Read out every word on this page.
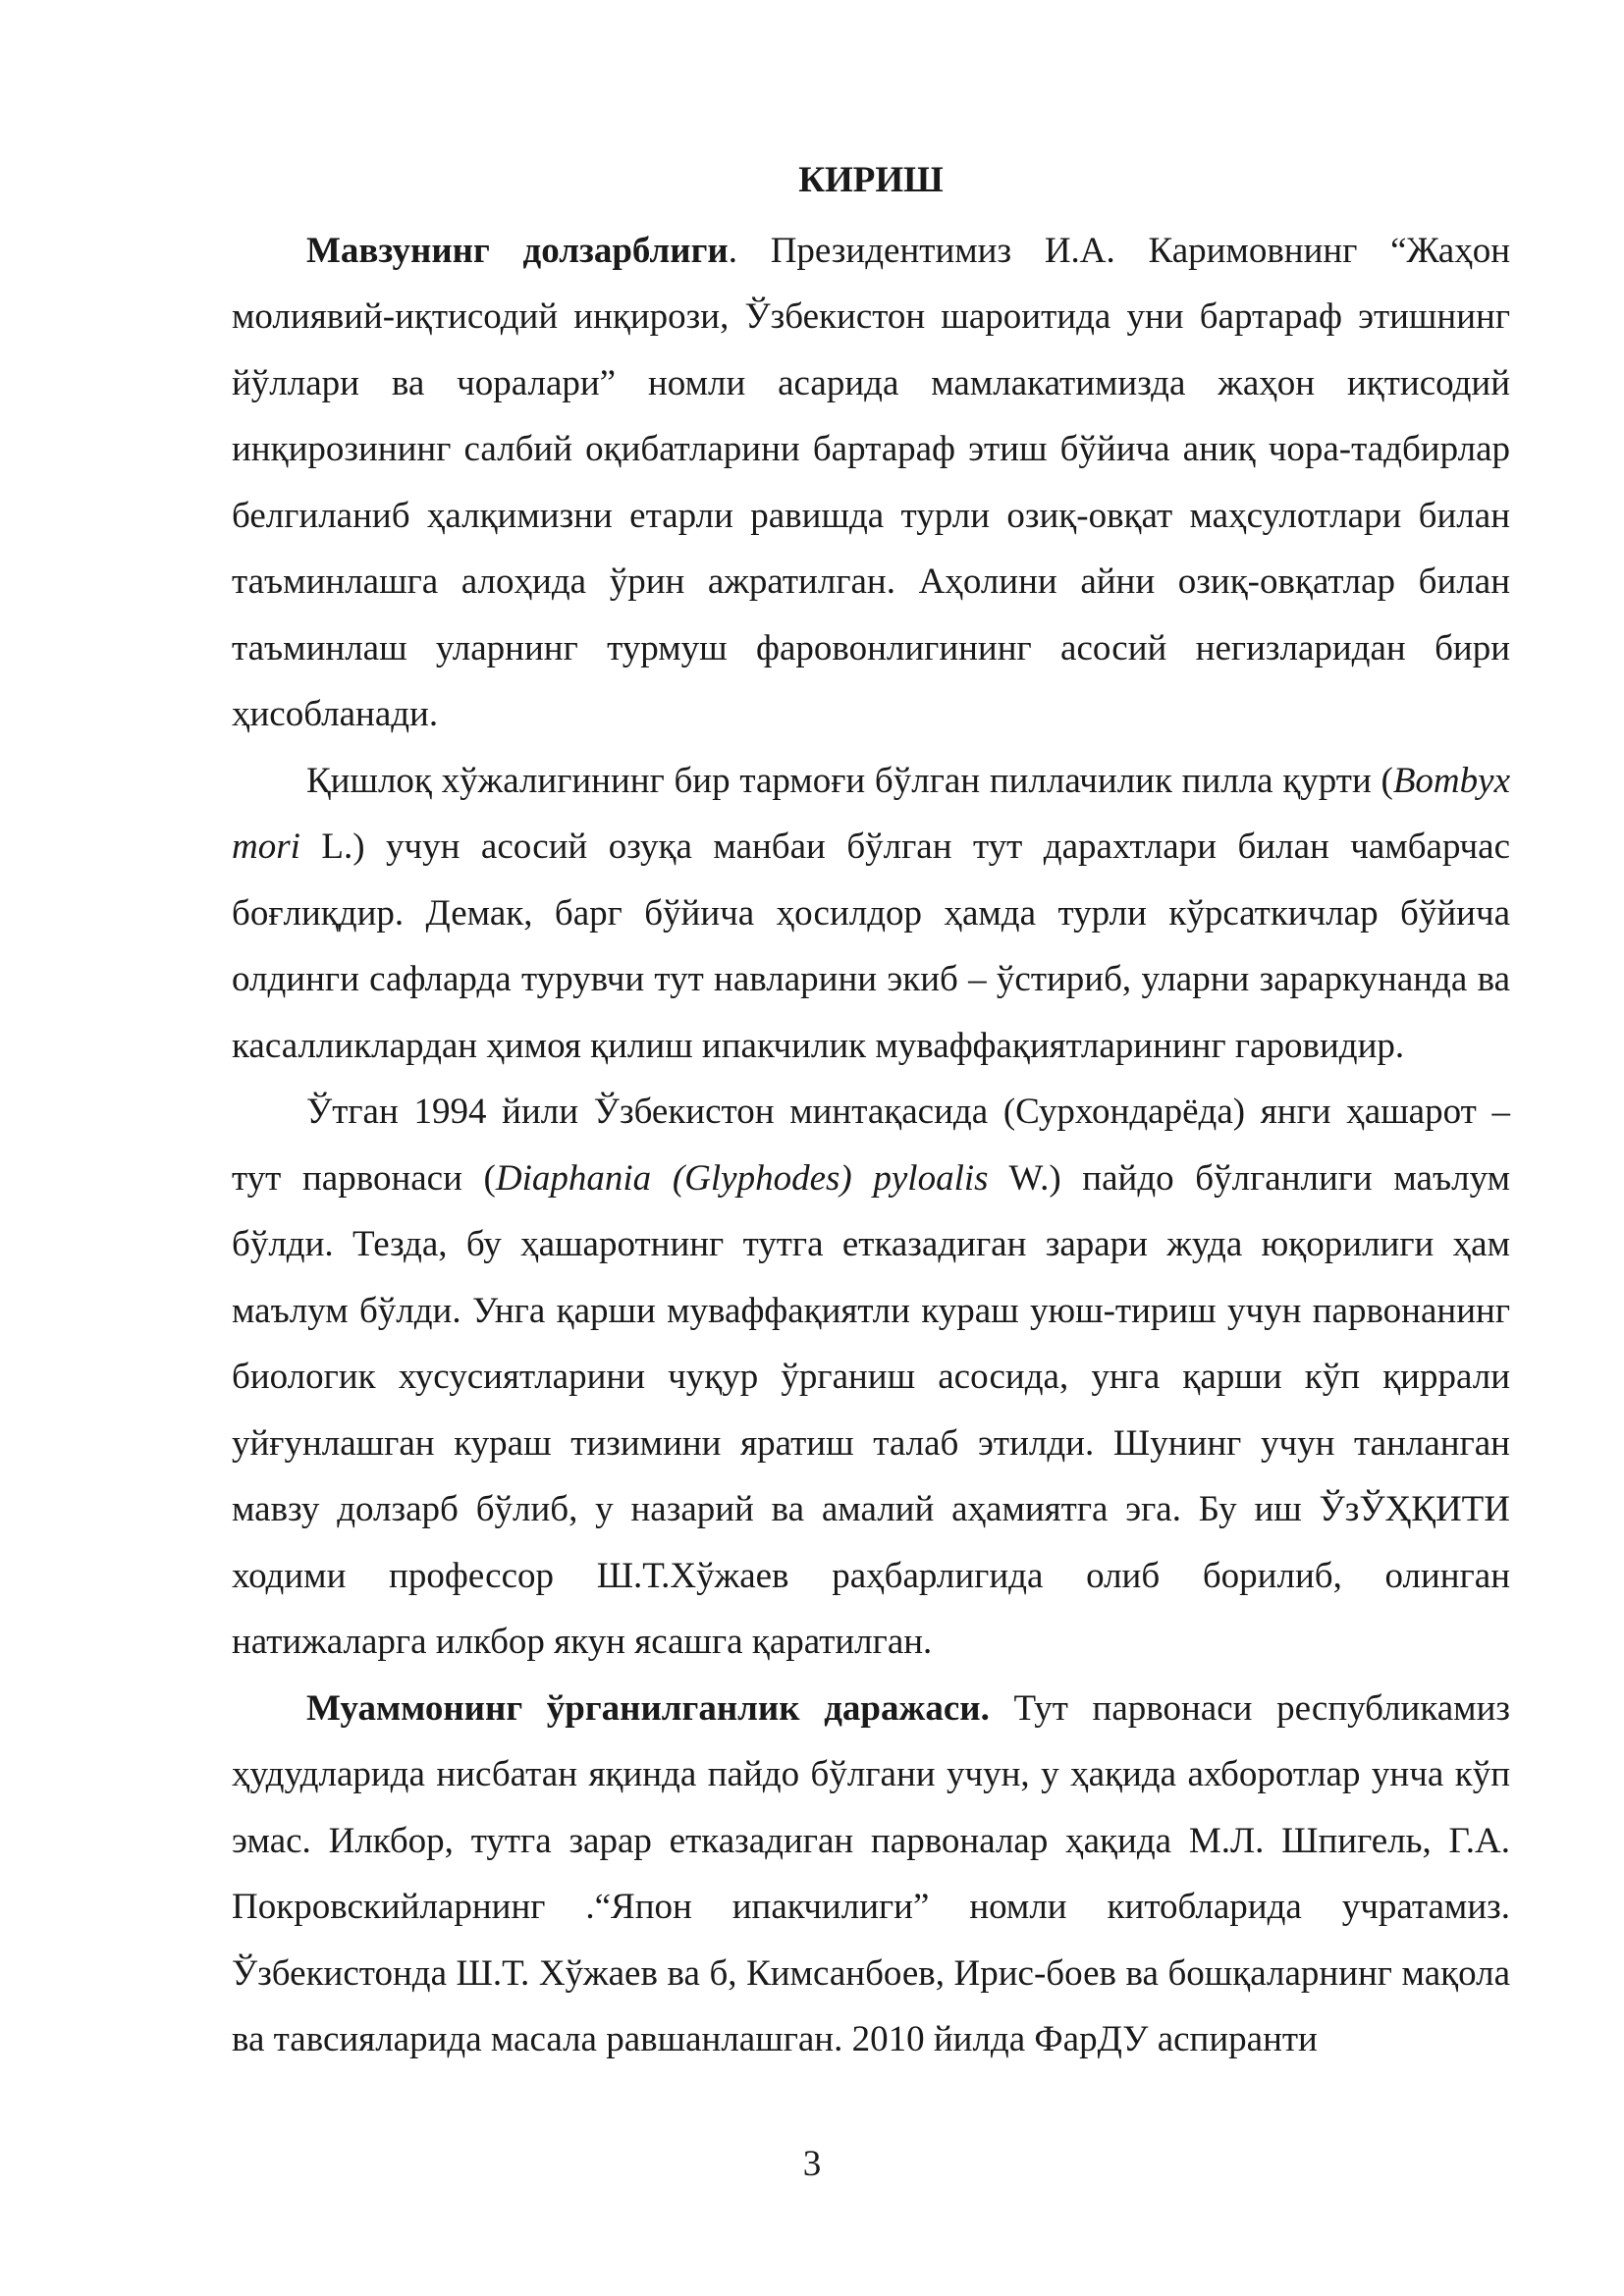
КИРИШ

Мавзунинг долзарблиги. Президентимиз И.А. Каримовнинг “Жаҳон молиявий-иқтисодий инқирози, Ўзбекистон шароитида уни бартараф этишнинг йўллари ва чоралари” номли асарида мамлакатимизда жаҳон иқтисодий инқирозининг салбий оқибатларини бартараф этиш бўйича аниқ чора-тадбирлар белгиланиб ҳалқимизни етарли равишда турли озиқ-овқат маҳсулотлари билан таъминлашга алоҳида ўрин ажратилган. Аҳолини айни озиқ-овқатлар билан таъминлаш уларнинг турмуш фаровонлигининг асосий негизларидан бири ҳисобланади.

Қишлоқ хўжалигининг бир тармоғи бўлган пиллачилик пилла қурти (Bombyx mori L.) учун асосий озуқа манбаи бўлган тут дарахтлари билан чамбарчас боғлиқдир. Демак, барг бўйича ҳосилдор ҳамда турли кўрсаткичлар бўйича олдинги сафларда турувчи тут навларини экиб – ўстириб, уларни зараркунанда ва касалликлардан ҳимоя қилиш ипакчилик муваффақиятларининг гаровидир.

Ўтган 1994 йили Ўзбекистон минтақасида (Сурхондарёда) янги ҳашарот – тут парвонаси (Diaphania (Glyphodes) pyloalis W.) пайдо бўлганлиги маълум бўлди. Тезда, бу ҳашаротнинг тутга етказадиган зарари жуда юқорилиги ҳам маълум бўлди. Унга қарши муваффақиятли кураш уюш-тириш учун парвонанинг биологик хусусиятларини чуқур ўрганиш асосида, унга қарши кўп қиррали уйғунлашган кураш тизимини яратиш талаб этилди. Шунинг учун танланган мавзу долзарб бўлиб, у назарий ва амалий аҳамиятга эга. Бу иш ЎзЎҲҚИТИ ходими профессор Ш.Т.Хўжаев раҳбарлигида олиб борилиб, олинган натижаларга илкбор якун ясашга қаратилган.

Муаммонинг ўрганилганлик даражаси. Тут парвонаси республикамиз ҳудудларида нисбатан яқинда пайдо бўлгани учун, у ҳақида ахборотлар унча кўп эмас. Илкбор, тутга зарар етказадиган парвоналар ҳақида М.Л. Шпигель, Г.А. Покровскийларнинг .“Япон ипакчилиги” номли китобларида учратамиз. Ўзбекистонда Ш.Т. Хўжаев ва б, Кимсанбоев, Ирис-боев ва бошқаларнинг мақола ва тавсияларида масала равшанлашган. 2010 йилда ФарДУ аспиранти

3
